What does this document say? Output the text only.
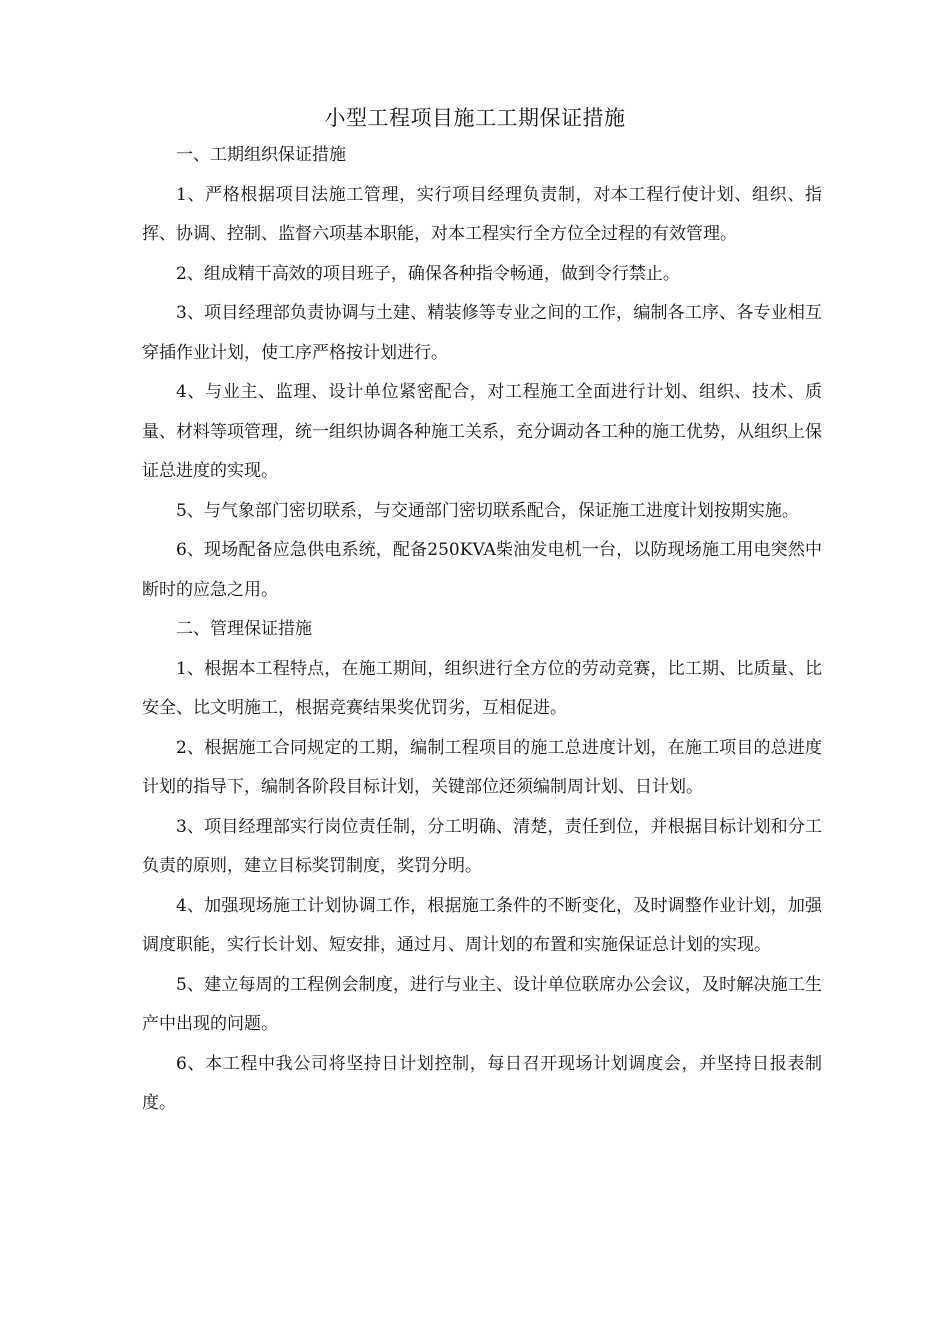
小型工程项目施工工期保证措施

一、工期组织保证措施

1、严格根据项目法施工管理，实行项目经理负责制，对本工程行使计划、组织、指挥、协调、控制、监督六项基本职能，对本工程实行全方位全过程的有效管理。

2、组成精干高效的项目班子，确保各种指令畅通，做到令行禁止。

3、项目经理部负责协调与土建、精装修等专业之间的工作，编制各工序、各专业相互穿插作业计划，使工序严格按计划进行。

4、与业主、监理、设计单位紧密配合，对工程施工全面进行计划、组织、技术、质量、材料等项管理，统一组织协调各种施工关系，充分调动各工种的施工优势，从组织上保证总进度的实现。

5、与气象部门密切联系，与交通部门密切联系配合，保证施工进度计划按期实施。

6、现场配备应急供电系统，配备250KVA柴油发电机一台，以防现场施工用电突然中断时的应急之用。

二、管理保证措施

1、根据本工程特点，在施工期间，组织进行全方位的劳动竞赛，比工期、比质量、比安全、比文明施工，根据竞赛结果奖优罚劣，互相促进。

2、根据施工合同规定的工期，编制工程项目的施工总进度计划，在施工项目的总进度计划的指导下，编制各阶段目标计划，关键部位还须编制周计划、日计划。

3、项目经理部实行岗位责任制，分工明确、清楚，责任到位，并根据目标计划和分工负责的原则，建立目标奖罚制度，奖罚分明。

4、加强现场施工计划协调工作，根据施工条件的不断变化，及时调整作业计划，加强调度职能，实行长计划、短安排，通过月、周计划的布置和实施保证总计划的实现。

5、建立每周的工程例会制度，进行与业主、设计单位联席办公会议，及时解决施工生产中出现的问题。

6、本工程中我公司将坚持日计划控制，每日召开现场计划调度会，并坚持日报表制度。
